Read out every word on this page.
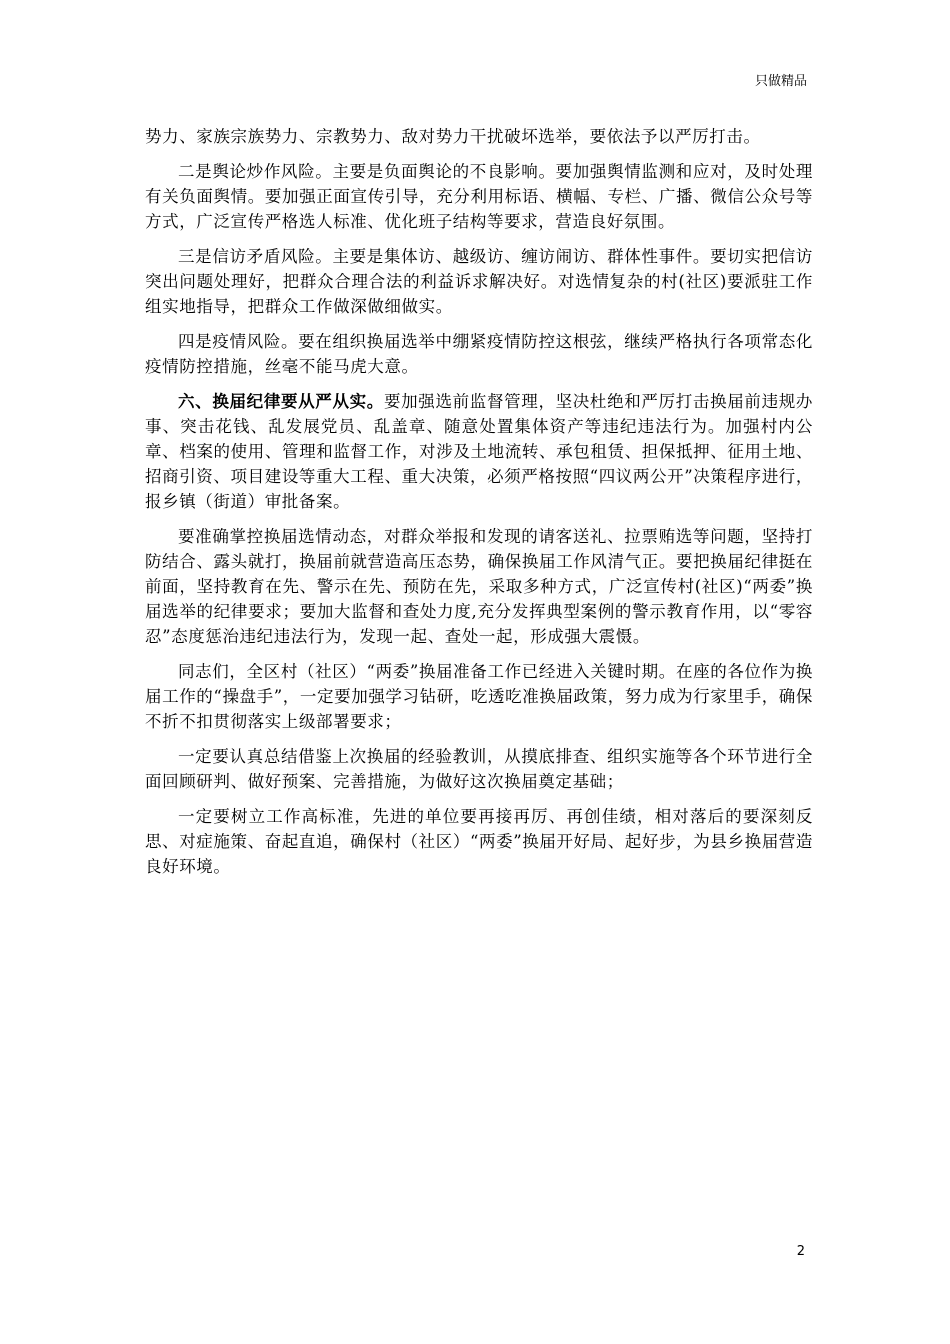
只做精品

势力、家族宗族势力、宗教势力、敌对势力干扰破坏选举，要依法予以严厉打击。

二是舆论炒作风险。主要是负面舆论的不良影响。要加强舆情监测和应对，及时处理有关负面舆情。要加强正面宣传引导，充分利用标语、横幅、专栏、广播、微信公众号等方式，广泛宣传严格选人标准、优化班子结构等要求，营造良好氛围。

三是信访矛盾风险。主要是集体访、越级访、缠访闹访、群体性事件。要切实把信访突出问题处理好，把群众合理合法的利益诉求解决好。对选情复杂的村(社区)要派驻工作组实地指导，把群众工作做深做细做实。

四是疫情风险。要在组织换届选举中绷紧疫情防控这根弦，继续严格执行各项常态化疫情防控措施，丝毫不能马虎大意。

六、换届纪律要从严从实。要加强选前监督管理，坚决杜绝和严厉打击换届前违规办事、突击花钱、乱发展党员、乱盖章、随意处置集体资产等违纪违法行为。加强村内公章、档案的使用、管理和监督工作，对涉及土地流转、承包租赁、担保抵押、征用土地、招商引资、项目建设等重大工程、重大决策，必须严格按照“四议两公开”决策程序进行，报乡镇（街道）审批备案。

要准确掌控换届选情动态，对群众举报和发现的请客送礼、拉票贿选等问题，坚持打防结合、露头就打，换届前就营造高压态势，确保换届工作风清气正。要把换届纪律挺在前面，坚持教育在先、警示在先、预防在先，采取多种方式，广泛宣传村(社区)“两委”换届选举的纪律要求；要加大监督和查处力度,充分发挥典型案例的警示教育作用，以“零容忍”态度惩治违纪违法行为，发现一起、查处一起，形成强大震慑。

同志们，全区村（社区）“两委”换届准备工作已经进入关键时期。在座的各位作为换届工作的“操盘手”，一定要加强学习钻研，吃透吃准换届政策，努力成为行家里手，确保不折不扣贯彻落实上级部署要求；

一定要认真总结借鉴上次换届的经验教训，从摸底排查、组织实施等各个环节进行全面回顾研判、做好预案、完善措施，为做好这次换届奠定基础；

一定要树立工作高标准，先进的单位要再接再厉、再创佳绩，相对落后的要深刻反思、对症施策、奋起直追，确保村（社区）“两委”换届开好局、起好步，为县乡换届营造良好环境。

2
